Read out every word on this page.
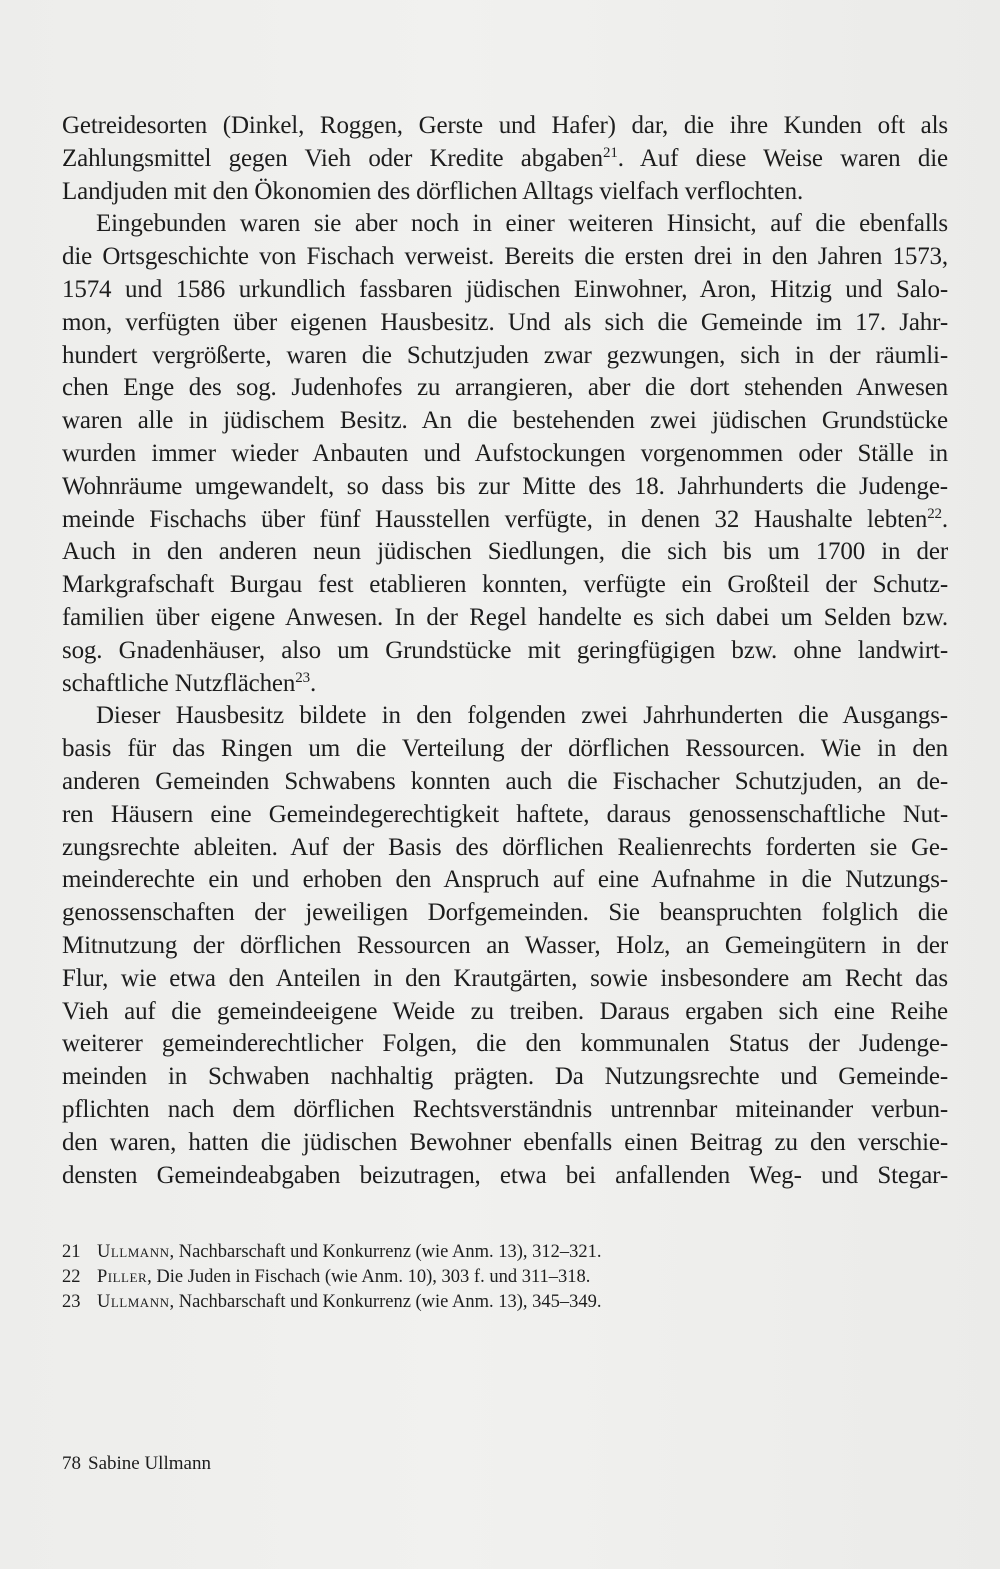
Getreidesorten (Dinkel, Roggen, Gerste und Hafer) dar, die ihre Kunden oft als
Zahlungsmittel gegen Vieh oder Kredite abgaben$^{21}$. Auf diese Weise waren die
Landjuden mit den Ökonomien des dörflichen Alltags vielfach verflochten.
Eingebunden waren sie aber noch in einer weiteren Hinsicht, auf die ebenfalls
die Ortsgeschichte von Fischach verweist. Bereits die ersten drei in den Jahren 1573,
1574 und 1586 urkundlich fassbaren jüdischen Einwohner, Aron, Hitzig und Salo-
mon, verfügten über eigenen Hausbesitz. Und als sich die Gemeinde im 17. Jahr-
hundert vergrößerte, waren die Schutzjuden zwar gezwungen, sich in der räumli-
chen Enge des sog. Judenhofes zu arrangieren, aber die dort stehenden Anwesen
waren alle in jüdischem Besitz. An die bestehenden zwei jüdischen Grundstücke
wurden immer wieder Anbauten und Aufstockungen vorgenommen oder Ställe in
Wohnräume umgewandelt, so dass bis zur Mitte des 18. Jahrhunderts die Judenge-
meinde Fischachs über fünf Hausstellen verfügte, in denen 32 Haushalte lebten$^{22}$.
Auch in den anderen neun jüdischen Siedlungen, die sich bis um 1700 in der
Markgrafschaft Burgau fest etablieren konnten, verfügte ein Großteil der Schutz-
familien über eigene Anwesen. In der Regel handelte es sich dabei um Selden bzw.
sog. Gnadenhäuser, also um Grundstücke mit geringfügigen bzw. ohne landwirt-
schaftliche Nutzflächen$^{23}$.
Dieser Hausbesitz bildete in den folgenden zwei Jahrhunderten die Ausgangs-
basis für das Ringen um die Verteilung der dörflichen Ressourcen. Wie in den
anderen Gemeinden Schwabens konnten auch die Fischacher Schutzjuden, an de-
ren Häusern eine Gemeindegerechtigkeit haftete, daraus genossenschaftliche Nut-
zungsrechte ableiten. Auf der Basis des dörflichen Realienrechts forderten sie Ge-
meinderechte ein und erhoben den Anspruch auf eine Aufnahme in die Nutzungs-
genossenschaften der jeweiligen Dorfgemeinden. Sie beanspruchten folglich die
Mitnutzung der dörflichen Ressourcen an Wasser, Holz, an Gemeingütern in der
Flur, wie etwa den Anteilen in den Krautgärten, sowie insbesondere am Recht das
Vieh auf die gemeindeeigene Weide zu treiben. Daraus ergaben sich eine Reihe
weiterer gemeinderechtlicher Folgen, die den kommunalen Status der Judenge-
meinden in Schwaben nachhaltig prägten. Da Nutzungsrechte und Gemeinde-
pflichten nach dem dörflichen Rechtsverständnis untrennbar miteinander verbun-
den waren, hatten die jüdischen Bewohner ebenfalls einen Beitrag zu den verschie-
densten Gemeindeabgaben beizutragen, etwa bei anfallenden Weg- und Stegar-
21 Ullmann, Nachbarschaft und Konkurrenz (wie Anm. 13), 312–321.
22 Piller, Die Juden in Fischach (wie Anm. 10), 303 f. und 311–318.
23 Ullmann, Nachbarschaft und Konkurrenz (wie Anm. 13), 345–349.
78 Sabine Ullmann
